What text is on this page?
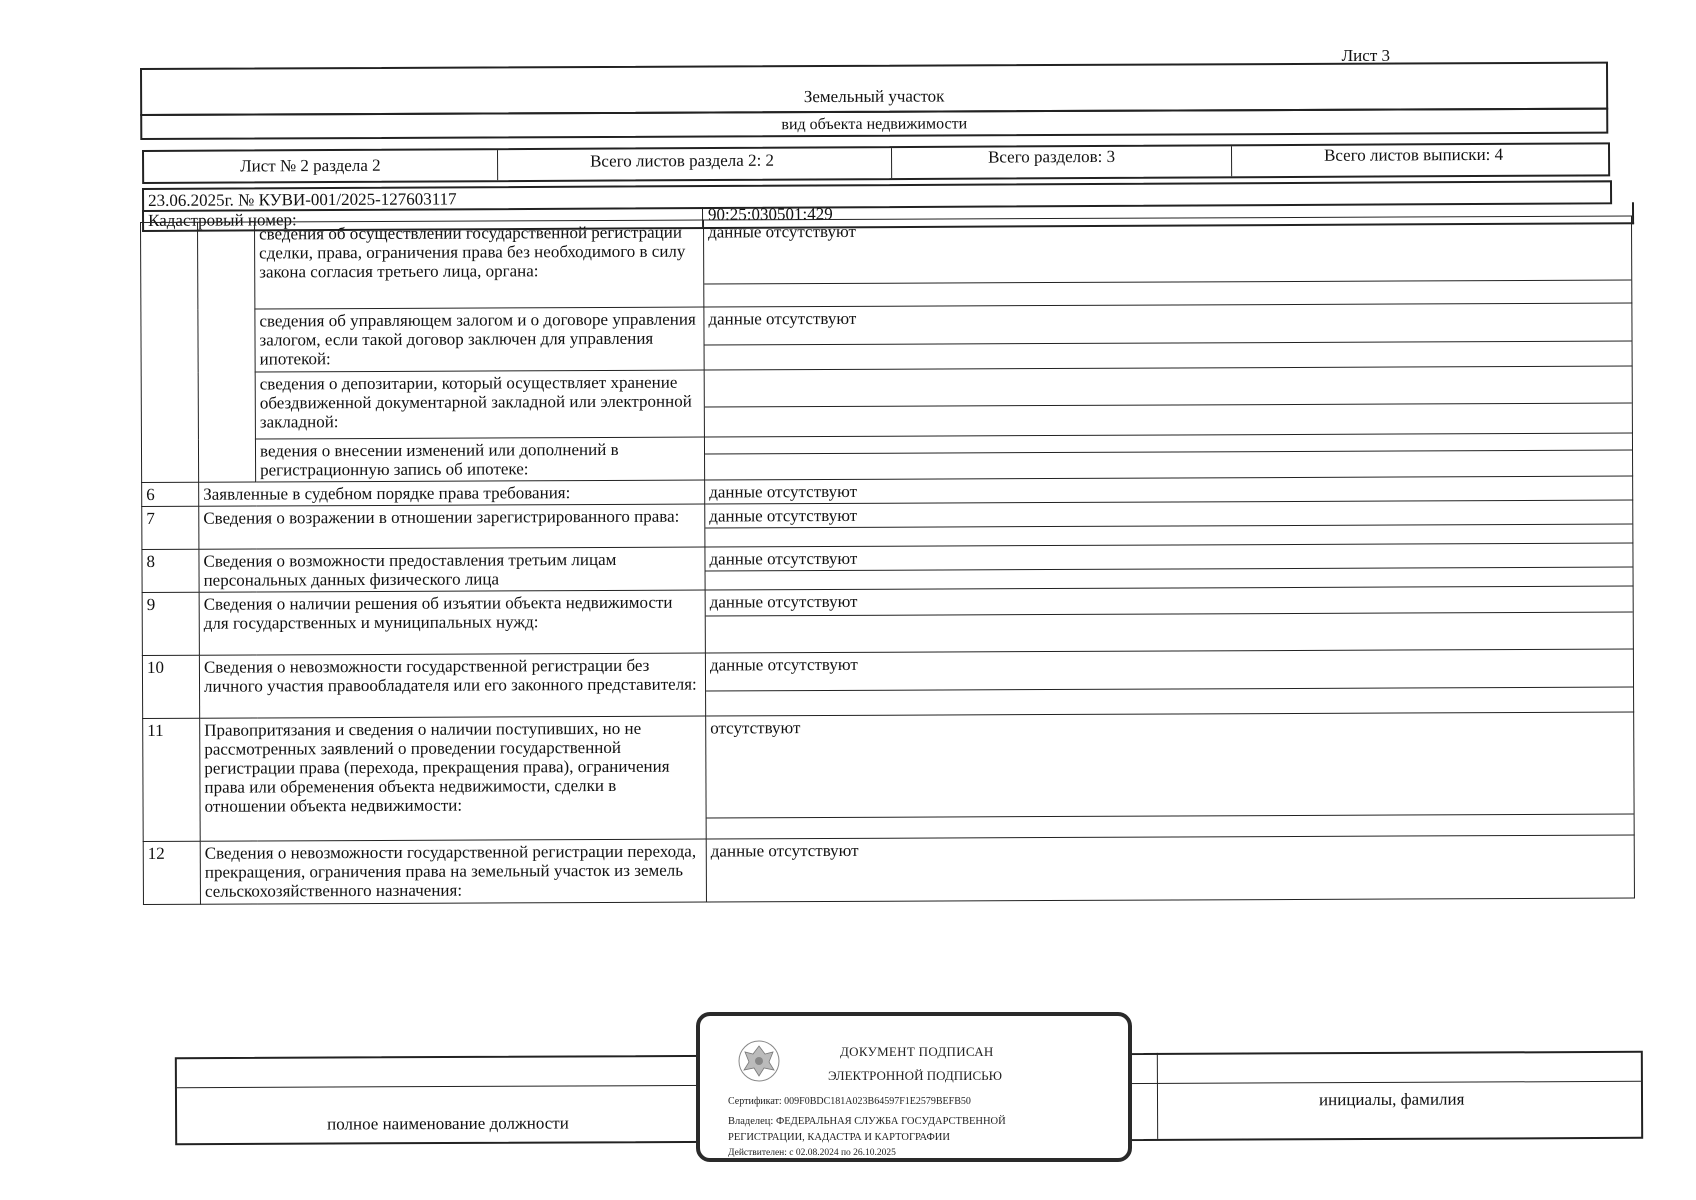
Лист 3
Земельный участок
вид объекта недвижимости
Лист № 2 раздела 2	Всего листов раздела 2: 2	Всего разделов: 3	Всего листов выписки: 4
23.06.2025г. № КУВИ-001/2025-127603117
Кадастровый номер:	90:25:030501:429
		сведения об осуществлении государственной регистрации сделки, права, ограничения права без необходимого в силу закона согласия третьего лица, органа:	данные отсутствуют

		сведения об управляющем залогом и о договоре управления залогом, если такой договор заключен для управления ипотекой:	данные отсутствуют

		сведения о депозитарии, который осуществляет хранение обездвиженной документарной закладной или электронной закладной:	

		ведения о внесении изменений или дополнений в регистрационную запись об ипотеке:	

6	Заявленные в судебном порядке права требования:		данные отсутствуют
7	Сведения о возражении в отношении зарегистрированного права:		данные отсутствуют

8	Сведения о возможности предоставления третьим лицам персональных данных физического лица		данные отсутствуют

9	Сведения о наличии решения об изъятии объекта недвижимости для государственных и муниципальных нужд:		данные отсутствуют

10	Сведения о невозможности государственной регистрации без личного участия правообладателя или его законного представителя:		данные отсутствуют

11	Правопритязания и сведения о наличии поступивших, но не рассмотренных заявлений о проведении государственной регистрации права (перехода, прекращения права), ограничения права или обременения объекта недвижимости, сделки в отношении объекта недвижимости:		отсутствуют

12	Сведения о невозможности государственной регистрации перехода, прекращения, ограничения права на земельный участок из земель сельскохозяйственного назначения:		данные отсутствуют
полное наименование должности
инициалы, фамилия
ДОКУМЕНТ ПОДПИСАН
ЭЛЕКТРОННОЙ ПОДПИСЬЮ
Сертификат: 009F0BDC181A023B64597F1E2579BEFB50
Владелец: ФЕДЕРАЛЬНАЯ СЛУЖБА ГОСУДАРСТВЕННОЙ
РЕГИСТРАЦИИ, КАДАСТРА И КАРТОГРАФИИ
Действителен: с 02.08.2024 по 26.10.2025
